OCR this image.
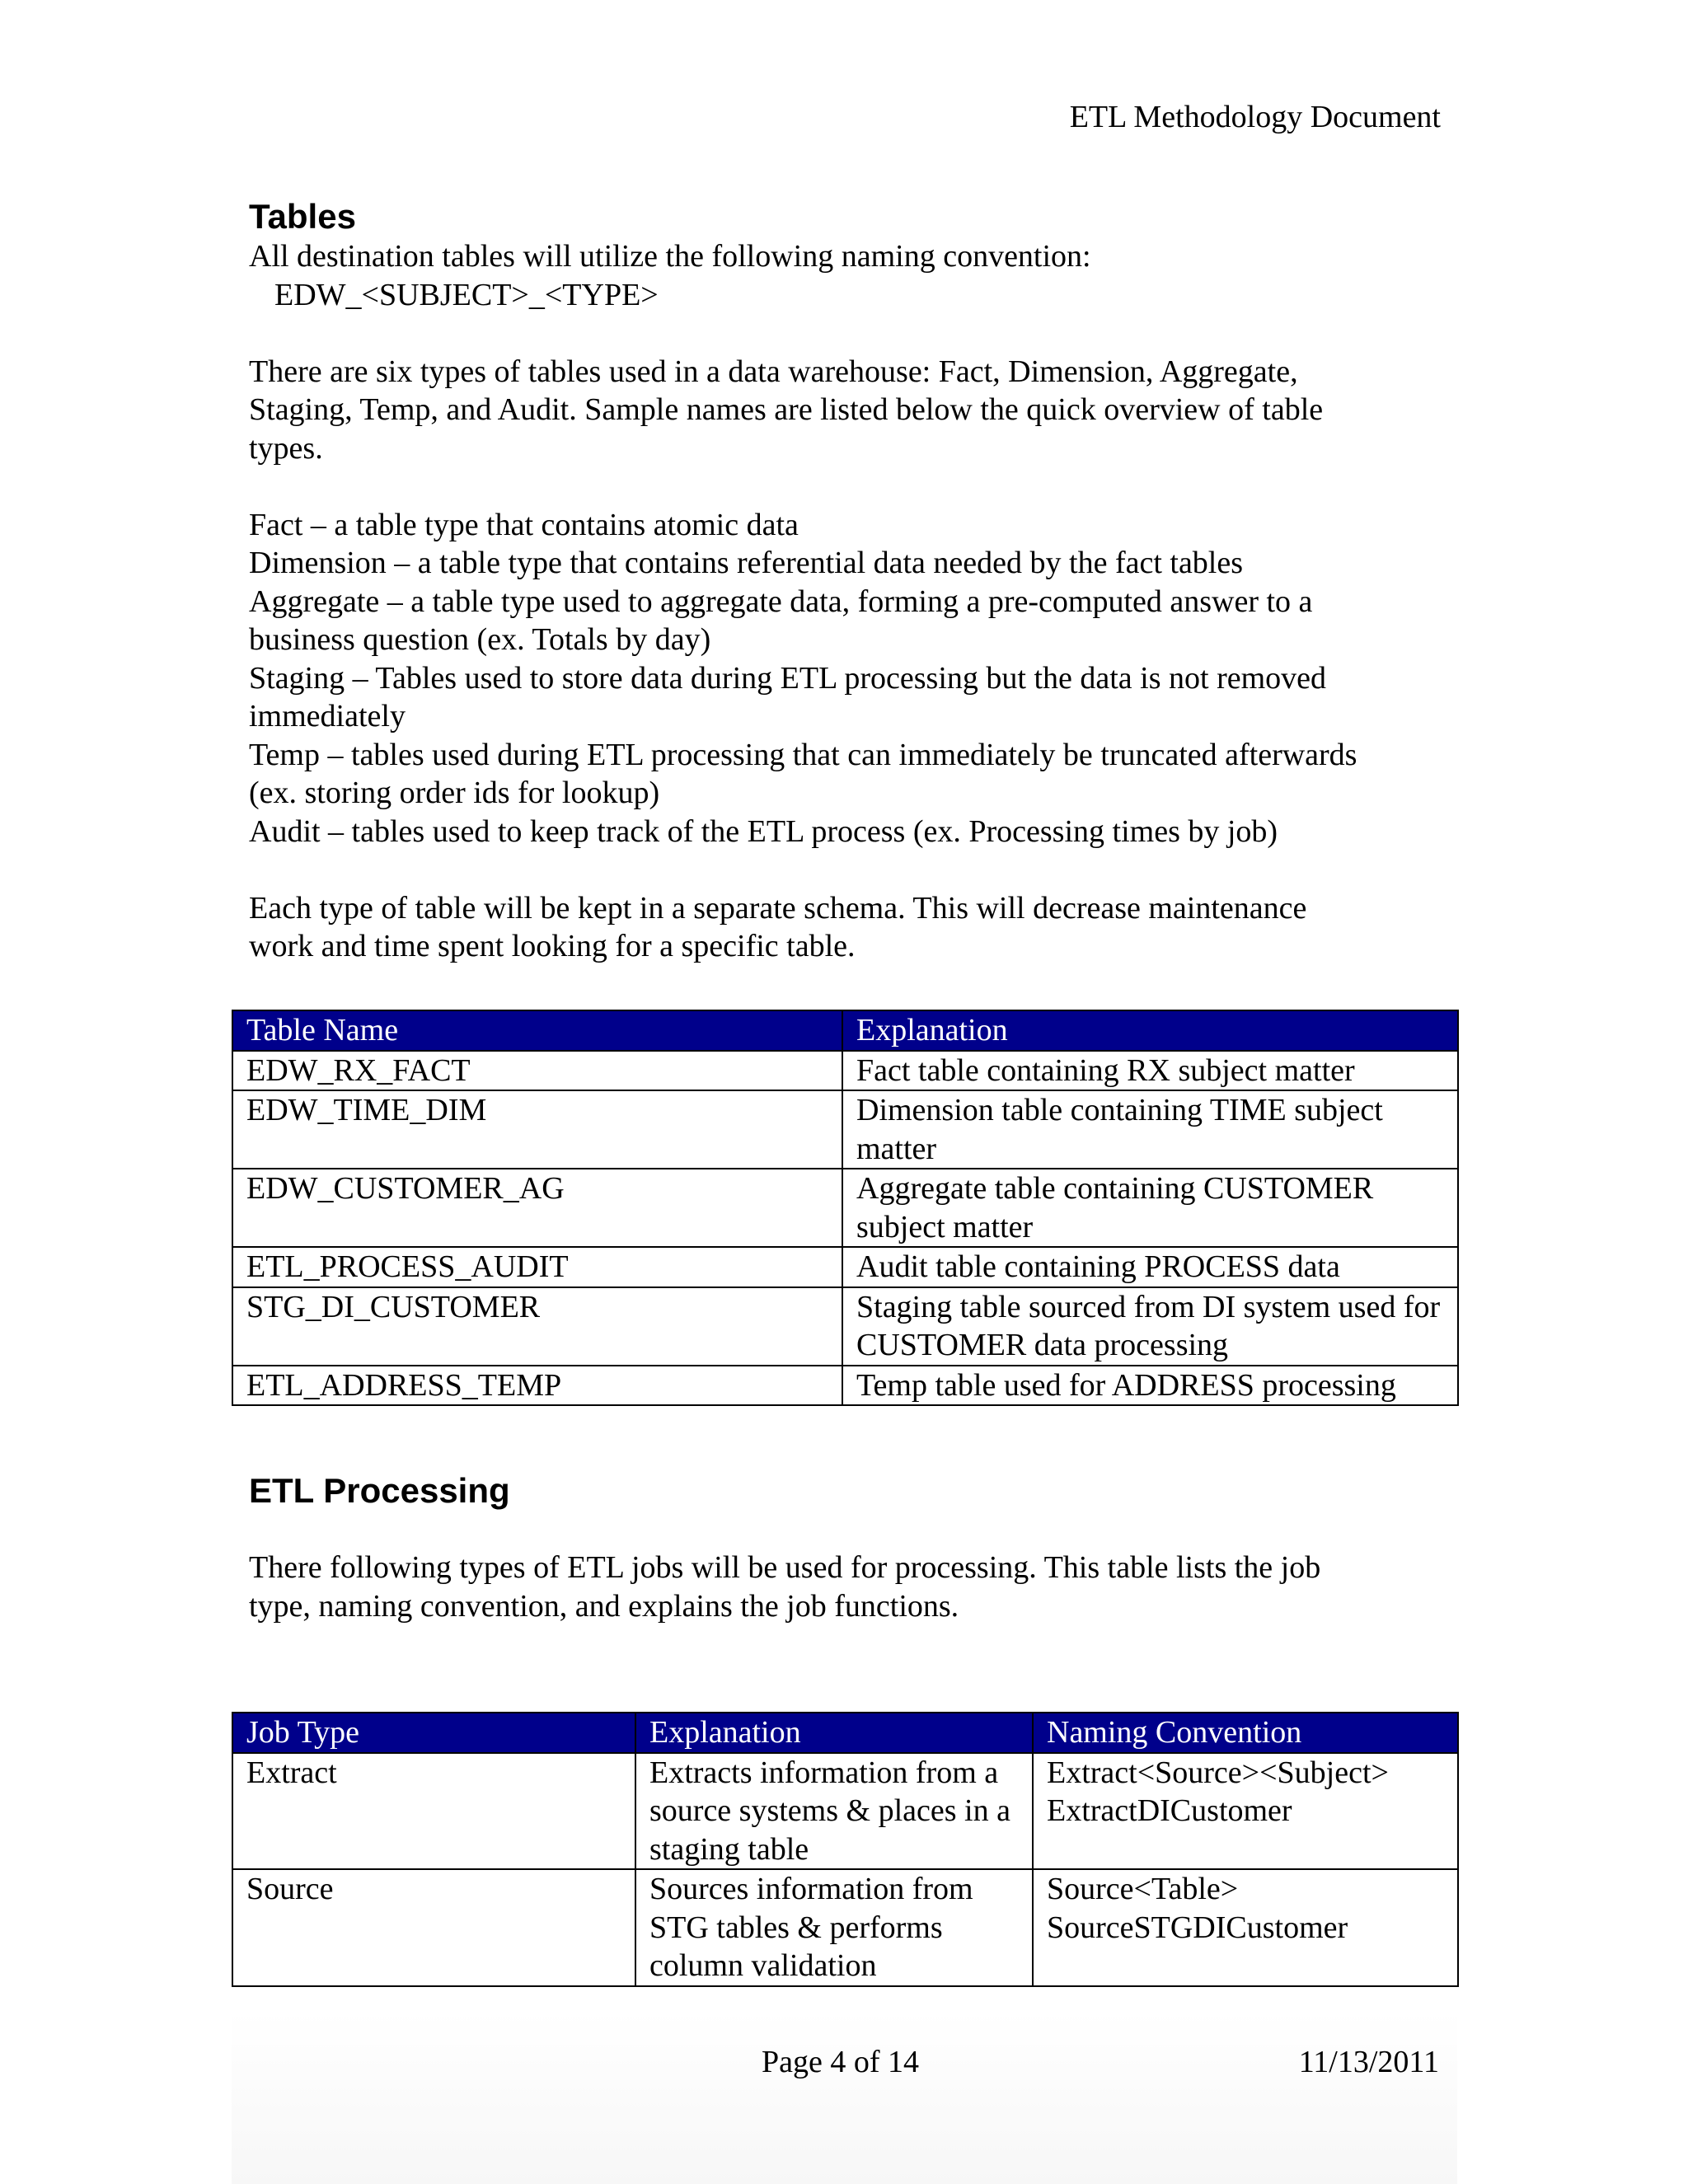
ETL Methodology Document
Tables

All destination tables will utilize the following naming convention:

EDW_<SUBJECT>_<TYPE>

There are six types of tables used in a data warehouse: Fact, Dimension, Aggregate,

Staging, Temp, and Audit. Sample names are listed below the quick overview of table

types.

Fact – a table type that contains atomic data

Dimension – a table type that contains referential data needed by the fact tables

Aggregate – a table type used to aggregate data, forming a pre-computed answer to a

business question (ex. Totals by day)

Staging – Tables used to store data during ETL processing but the data is not removed

immediately

Temp – tables used during ETL processing that can immediately be truncated afterwards

(ex. storing order ids for lookup)

Audit – tables used to keep track of the ETL process (ex. Processing times by job)

Each type of table will be kept in a separate schema. This will decrease maintenance

work and time spent looking for a specific table.

Table Name	Explanation
EDW_RX_FACT	Fact table containing RX subject matter
EDW_TIME_DIM	Dimension table containing TIME subject matter
EDW_CUSTOMER_AG	Aggregate table containing CUSTOMER subject matter
ETL_PROCESS_AUDIT	Audit table containing PROCESS data
STG_DI_CUSTOMER	Staging table sourced from DI system used for CUSTOMER data processing
ETL_ADDRESS_TEMP	Temp table used for ADDRESS processing
ETL Processing

There following types of ETL jobs will be used for processing. This table lists the job

type, naming convention, and explains the job functions.

Job Type	Explanation	Naming Convention
Extract	Extracts information from a source systems & places in a staging table	Extract<Source><Subject>
ExtractDICustomer

Source	Sources information from STG tables & performs column validation	Source<Table>
SourceSTGDICustomer
Page 4 of 14	11/13/2011
